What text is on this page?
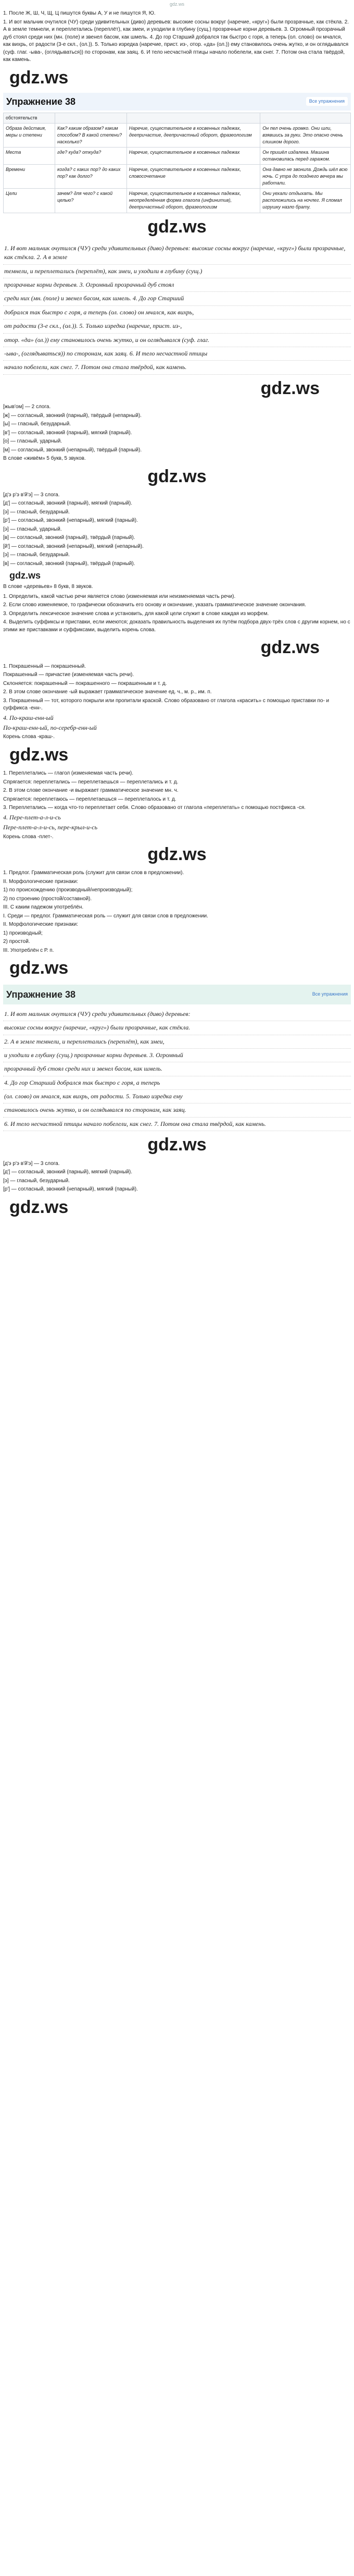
gdz.ws

1. После Ж, Ш, Ч, Щ, Ц пишутся буквы А, У и не пишутся Я, Ю.

1. И вот мальчик очутился (ЧУ) среди удивительных (диво) деревьев: высокие сосны вокруг (наречие, «круг») были прозрачные, как стёкла. 2. А в земле темнели, и переплетались (переплёт), как змеи, и уходили в глубину (сущ.) прозрачные корни деревьев. 3. Огромный прозрачный дуб стоял среди них (мн. (поле) и звенел басом, как шмель. 4. До гор Старший добрался так быстро с горя, а теперь (ол. слово) он мчался, как вихрь, от радости (3-е скл., (ол.)). 5. Только изредка (наречие, прист. из-, отор. «да» (ол.)) ему становилось очень жутко, и он оглядывался (суф. глаг. -ыва-, (оглядываться)) по сторонам, как заяц. 6. И тело несчастной птицы начало побелели, как снег. 7. Потом она стала твёрдой, как камень.

gdz.ws
Упражнение 38	Все упражнения
обстоятельств			
Образа действия, меры и степени	Как? каким образом? каким способом? В какой степени? насколько?	Наречие, существительное в косвенных падежах, деепричастие, деепричастный оборот, фразеологизм	Он пел очень громко. Они шли, взявшись за руки. Это опасно очень слишком дорого.
Места	где? куда? откуда?	Наречие, существительное в косвенных падежах	Он пришёл издалека. Машина остановилась перед гаражом.
Времени	когда? с каких пор? до каких пор? как долго?	Наречие, существительное в косвенных падежах, словосочетание	Она давно не звонила. Дождь шёл всю ночь. С утра до позднего вечера мы работали.
Цели	зачем? для чего? с какой целью?	Наречие, существительное в косвенных падежах, неопределённая форма глагола (инфинитив), деепричастный оборот, фразеологизм	Они уехали отдыхать. Мы расположились на ночлег. Я сломал игрушку назло брату.
gdz.ws
1. И вот мальчик очутился (ЧУ) среди удивительных (диво) деревьев: высокие сосны вокруг (наречие, «круг») были прозрачные, как стёкла. 2. А в земле
темнели, и переплетались (переплёт), как змеи, и уходили в глубину (сущ.)
прозрачные корни деревьев. 3. Огромный прозрачный дуб стоял
среди них (мн. (поле) и звенел басом, как шмель. 4. До гор Старший
добрался так быстро с горя, а теперь (ол. слово) он мчался, как вихрь,
от радости (3-е скл., (ол.)). 5. Только изредка (наречие, прист. из-,
отор. «да» (ол.)) ему становилось очень жутко, и он оглядывался (суф. глаг.
-ыва-, (оглядываться)) по сторонам, как заяц. 6. И тело несчастной птицы
начало побелели, как снег. 7. Потом она стала твёрдой, как камень.
gdz.ws

[жыв'ом] — 2 слога.

[ж] — согласный, звонкий (парный), твёрдый (непарный).

[ы] — гласный, безударный.

[в'] — согласный, звонкий (парный), мягкий (парный).

[о] — гласный, ударный.

[м] — согласный, звонкий (непарный), твёрдый (парный).

В слове «живём» 5 букв, 5 звуков.

gdz.ws

[д'э р'э в'й'э] — 3 слога.

[д'] — согласный, звонкий (парный), мягкий (парный).

[э] — гласный, безударный.

[р'] — согласный, звонкий (непарный), мягкий (парный).

[э] — гласный, ударный.

[в] — согласный, звонкий (парный), твёрдый (парный).

[й'] — согласный, звонкий (непарный), мягкий (непарный).

[э] — гласный, безударный.

[в] — согласный, звонкий (парный), твёрдый (парный).

gdz.ws

В слове «деревьев» 8 букв, 8 звуков.

1. Определить, какой частью речи является слово (изменяемая или неизменяемая часть речи).

2. Если слово изменяемое, то графически обозначить его основу и окончание, указать грамматическое значение окончания.

3. Определить лексическое значение слова и установить, для какой цели служит в слове каждая из морфем.

4. Выделить суффиксы и приставки, если имеются; доказать правильность выделения их путём подбора двух-трёх слов с другим корнем, но с этими же приставками и суффиксами, выделить корень слова.

gdz.ws

1. Покрашенный — покрашенный.

Покрашенный — причастие (изменяемая часть речи).

Склоняется: покрашенный — покрашенного — покрашенным и т. д.

2. В этом слове окончание -ый выражает грамматическое значение ед. ч., м. р., им. п.

3. Покрашенный — тот, которого покрыли или пропитали краской. Слово образовано от глагола «красить» с помощью приставки по- и суффикса -енн-.

4. По-краш-енн-ый

По-краш-енн-ый, по-серебр-енн-ый

Корень слова -краш-.

gdz.ws

1. Переплетались — глагол (изменяемая часть речи).

Спрягается: переплетались — переплетаешься — переплетались и т. д.

2. В этом слове окончание -и выражает грамматическое значение мн. ч.

Спрягается: переплетаюсь — переплетаешься — переплеталось и т. д.

3. Переплетались — когда что-то переплетает себя. Слово образовано от глагола «переплетать» с помощью постфикса -ся.

4. Пере-плет-а-л-и-сь

Пере-плет-а-л-и-сь, пере-крыл-и-сь

Корень слова -плет-.

gdz.ws

1. Предлог. Грамматическая роль (служит для связи слов в предложении).

II. Морфологические признаки:

1) по происхождению (производный/непроизводный);

2) по строению (простой/составной).

III. С каким падежом употреблён.

I. Среди — предлог. Грамматическая роль — служит для связи слов в предложении.

II. Морфологические признаки:

1) производный;

2) простой.

III. Употреблён с Р. п.

gdz.ws
Упражнение 38	Все упражнения
1. И вот мальчик очутился (ЧУ) среди удивительных (диво) деревьев:
высокие сосны вокруг (наречие, «круг») были прозрачные, как стёкла.
2. А в земле темнели, и переплетались (переплёт), как змеи,
и уходили в глубину (сущ.) прозрачные корни деревьев. 3. Огромный
прозрачный дуб стоял среди них и звенел басом, как шмель.
4. До гор Старший добрался так быстро с горя, а теперь
(ол. слово) он мчался, как вихрь, от радости. 5. Только изредка ему
становилось очень жутко, и он оглядывался по сторонам, как заяц.
6. И тело несчастной птицы начало побелели, как снег. 7. Потом она стала твёрдой, как камень.
gdz.ws

[д'э р'э в'й'э] — 3 слога.

[д'] — согласный, звонкий (парный), мягкий (парный).

[э] — гласный, безударный.

[р'] — согласный, звонкий (непарный), мягкий (парный).

gdz.ws
